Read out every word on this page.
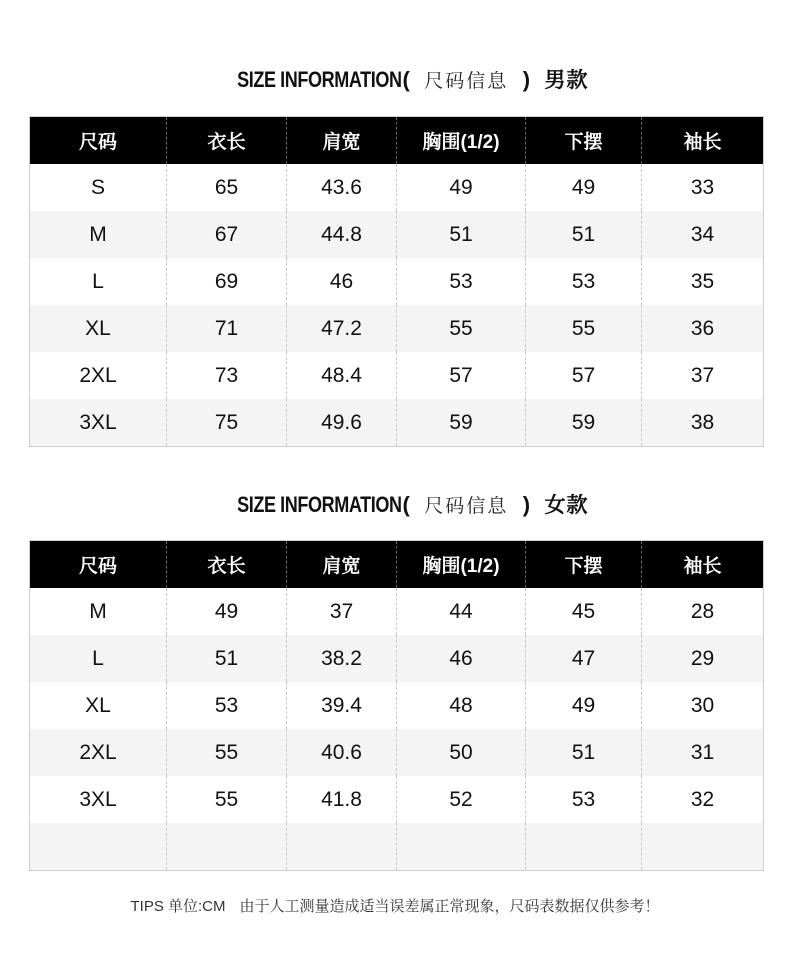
SIZE INFORMATION ( 尺码信息 ) 男款
尺码	衣长	肩宽	胸围(1/2)	下摆	袖长
S	65	43.6	49	49	33
M	67	44.8	51	51	34
L	69	46	53	53	35
XL	71	47.2	55	55	36
2XL	73	48.4	57	57	37
3XL	75	49.6	59	59	38
SIZE INFORMATION ( 尺码信息 ) 女款
尺码	衣长	肩宽	胸围(1/2)	下摆	袖长
M	49	37	44	45	28
L	51	38.2	46	47	29
XL	53	39.4	48	49	30
2XL	55	40.6	50	51	31
3XL	55	41.8	52	53	32

TIPS 单位:CM 由于人工测量造成适当误差属正常现象，尺码表数据仅供参考！
